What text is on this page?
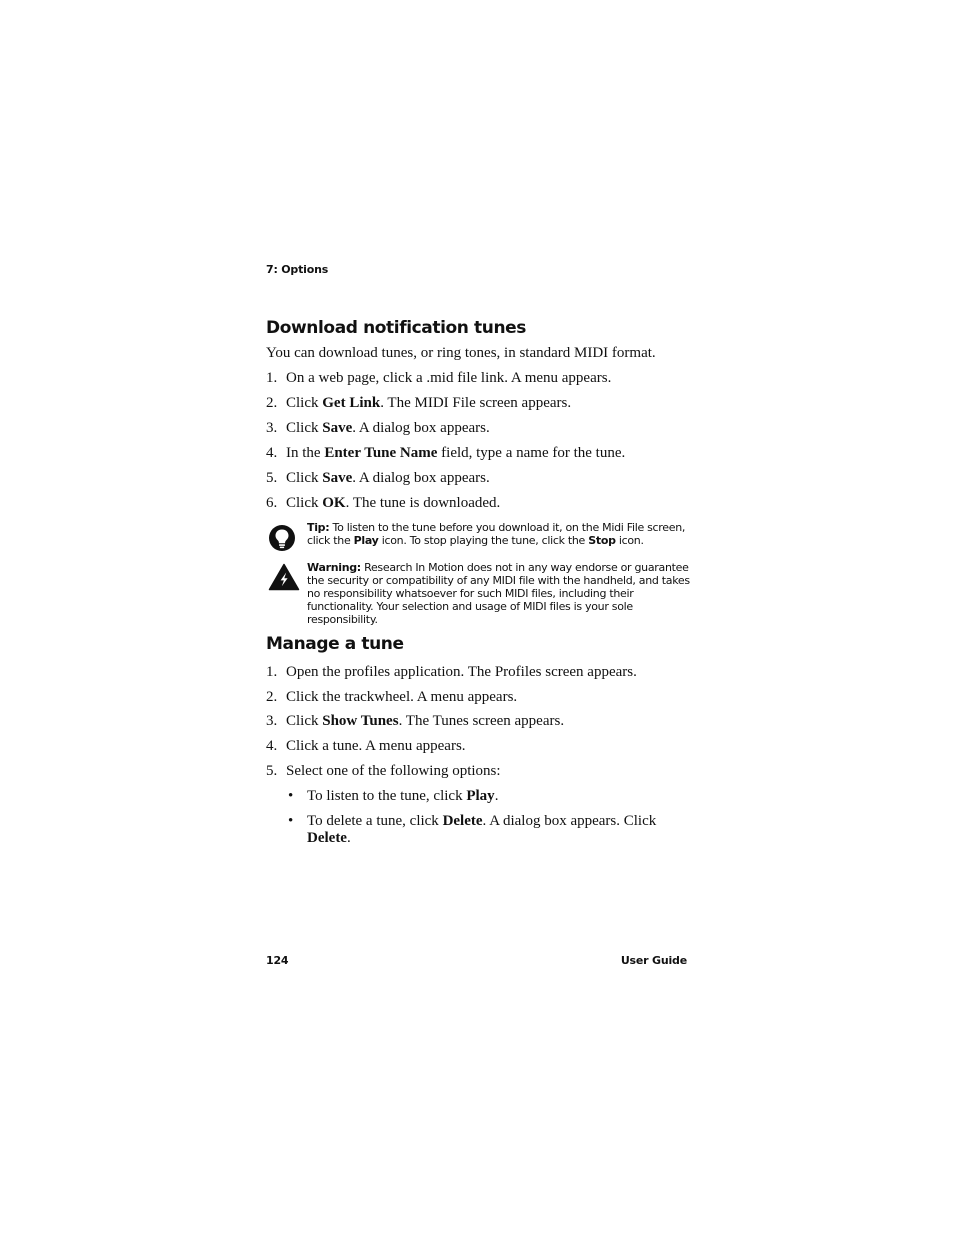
7: Options
Download notification tunes
You can download tunes, or ring tones, in standard MIDI format.
1. On a web page, click a .mid file link. A menu appears.
2. Click Get Link. The MIDI File screen appears.
3. Click Save. A dialog box appears.
4. In the Enter Tune Name field, type a name for the tune.
5. Click Save. A dialog box appears.
6. Click OK. The tune is downloaded.
Tip: To listen to the tune before you download it, on the Midi File screen, click the Play icon. To stop playing the tune, click the Stop icon.
Warning: Research In Motion does not in any way endorse or guarantee the security or compatibility of any MIDI file with the handheld, and takes no responsibility whatsoever for such MIDI files, including their functionality. Your selection and usage of MIDI files is your sole responsibility.
Manage a tune
1. Open the profiles application. The Profiles screen appears.
2. Click the trackwheel. A menu appears.
3. Click Show Tunes. The Tunes screen appears.
4. Click a tune. A menu appears.
5. Select one of the following options:
• To listen to the tune, click Play.
• To delete a tune, click Delete. A dialog box appears. Click Delete.
124	User Guide
